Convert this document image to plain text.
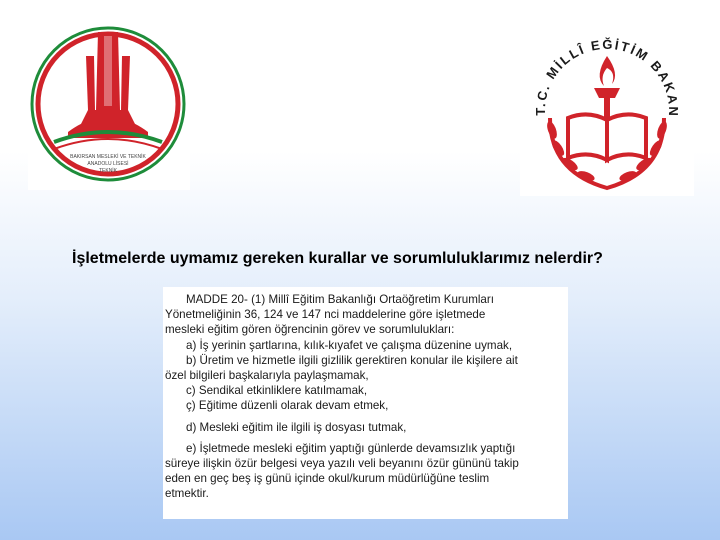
BAKIRSAN MESLEKİ VE TEKNİK
ANADOLU LİSESİ
TEKNİK
T.C. MİLLÎ EĞİTİM BAKAN
İşletmelerde uymamız gereken kurallar ve sorumluluklarımız nelerdir?
MADDE 20- (1) Millî Eğitim Bakanlığı Ortaöğretim Kurumları
Yönetmeliğinin 36, 124 ve 147 nci maddelerine göre işletmede
mesleki eğitim gören öğrencinin görev ve sorumlulukları:
a) İş yerinin şartlarına, kılık-kıyafet ve çalışma düzenine uymak,
b) Üretim ve hizmetle ilgili gizlilik gerektiren konular ile kişilere ait
özel bilgileri başkalarıyla paylaşmamak,
c) Sendikal etkinliklere katılmamak,
ç) Eğitime düzenli olarak devam etmek,
d) Mesleki eğitim ile ilgili iş dosyası tutmak,
e) İşletmede mesleki eğitim yaptığı günlerde devamsızlık yaptığı
süreye ilişkin özür belgesi veya yazılı veli beyanını özür gününü takip
eden en geç beş iş günü içinde okul/kurum müdürlüğüne teslim
etmektir.
